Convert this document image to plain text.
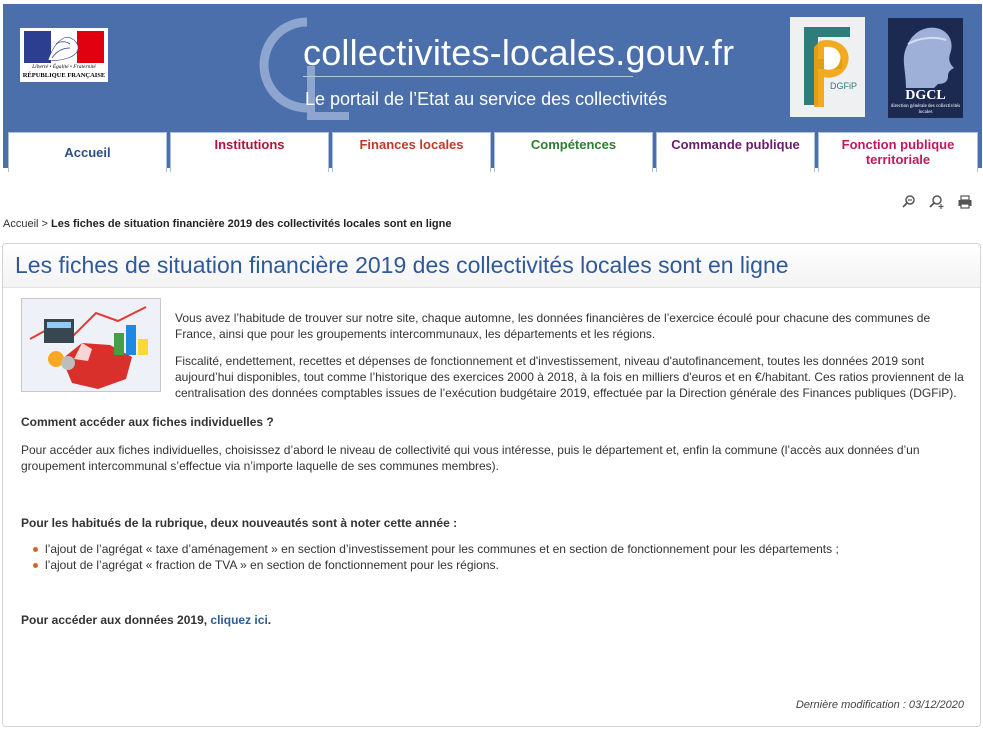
Liberté • Égalité • Fraternité
RÉPUBLIQUE FRANÇAISE
collectivites-locales.gouv.fr
Le portail de l’Etat au service des collectivités
DGFiP
DGCL
direction générale des collectivités locales
Accueil
Institutions	Finances locales	Compétences	Commande publique	Fonction publique territoriale
Accueil > Les fiches de situation financière 2019 des collectivités locales sont en ligne
Les fiches de situation financière 2019 des collectivités locales sont en ligne

Vous avez l’habitude de trouver sur notre site, chaque automne, les données financières de l’exercice écoulé pour chacune des communes de France, ainsi que pour les groupements intercommunaux, les départements et les régions.

Fiscalité, endettement, recettes et dépenses de fonctionnement et d'investissement, niveau d'autofinancement, toutes les données 2019 sont aujourd’hui disponibles, tout comme l’historique des exercices 2000 à 2018, à la fois en milliers d'euros et en €/habitant. Ces ratios proviennent de la centralisation des données comptables issues de l’exécution budgétaire 2019, effectuée par la Direction générale des Finances publiques (DGFiP).

Comment accéder aux fiches individuelles ?

Pour accéder aux fiches individuelles, choisissez d’abord le niveau de collectivité qui vous intéresse, puis le département et, enfin la commune (l’accès aux données d’un groupement intercommunal s’effectue via n’importe laquelle de ses communes membres).

Pour les habitués de la rubrique, deux nouveautés sont à noter cette année :
l’ajout de l’agrégat « taxe d’aménagement » en section d’investissement pour les communes et en section de fonctionnement pour les départements ;
l’ajout de l’agrégat « fraction de TVA » en section de fonctionnement pour les régions.
Pour accéder aux données 2019, cliquez ici.
Dernière modification : 03/12/2020
